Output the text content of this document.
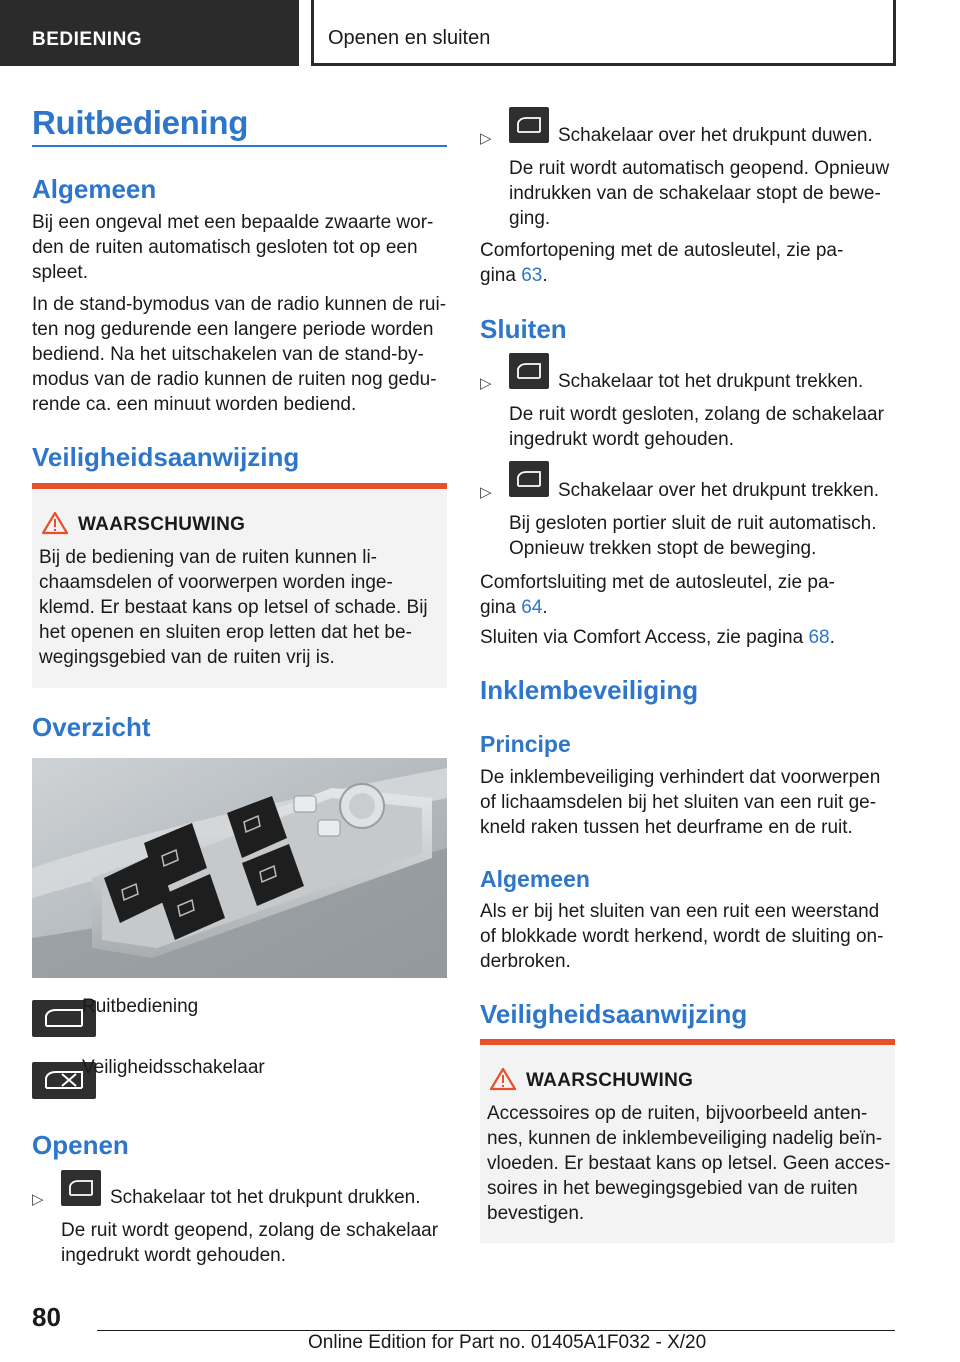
BEDIENING	Openen en sluiten
Ruitbediening
Algemeen

Bij een ongeval met een bepaalde zwaarte wor-
den de ruiten automatisch gesloten tot op een
spleet.

In de stand-bymodus van de radio kunnen de rui-
ten nog gedurende een langere periode worden
bediend. Na het uitschakelen van de stand-by-
modus van de radio kunnen de ruiten nog gedu-
rende ca. een minuut worden bediend.

Veiligheidsaanwijzing
WAARSCHUWING
Bij de bediening van de ruiten kunnen li-
chaamsdelen of voorwerpen worden inge-
klemd. Er bestaat kans op letsel of schade. Bij
het openen en sluiten erop letten dat het be-
wegingsgebied van de ruiten vrij is.
Overzicht
Ruitbediening
Veiligheidsschakelaar
Openen
▷	Schakelaar tot het drukpunt drukken.

De ruit wordt geopend, zolang de schakelaar
ingedrukt wordt gehouden.

▷	Schakelaar over het drukpunt duwen.

De ruit wordt automatisch geopend. Opnieuw
indrukken van de schakelaar stopt de bewe-
ging.

Comfortopening met de autosleutel, zie pa-
gina 63.

Sluiten
▷	Schakelaar tot het drukpunt trekken.

De ruit wordt gesloten, zolang de schakelaar
ingedrukt wordt gehouden.

▷	Schakelaar over het drukpunt trekken.

Bij gesloten portier sluit de ruit automatisch.
Opnieuw trekken stopt de beweging.

Comfortsluiting met de autosleutel, zie pa-
gina 64.

Sluiten via Comfort Access, zie pagina 68.

Inklembeveiliging
Principe

De inklembeveiliging verhindert dat voorwerpen
of lichaamsdelen bij het sluiten van een ruit ge-
kneld raken tussen het deurframe en de ruit.

Algemeen

Als er bij het sluiten van een ruit een weerstand
of blokkade wordt herkend, wordt de sluiting on-
derbroken.

Veiligheidsaanwijzing
WAARSCHUWING
Accessoires op de ruiten, bijvoorbeeld anten-
nes, kunnen de inklembeveiliging nadelig beïn-
vloeden. Er bestaat kans op letsel. Geen acces-
soires in het bewegingsgebied van de ruiten
bevestigen.
80
Online Edition for Part no. 01405A1F032 - X/20
